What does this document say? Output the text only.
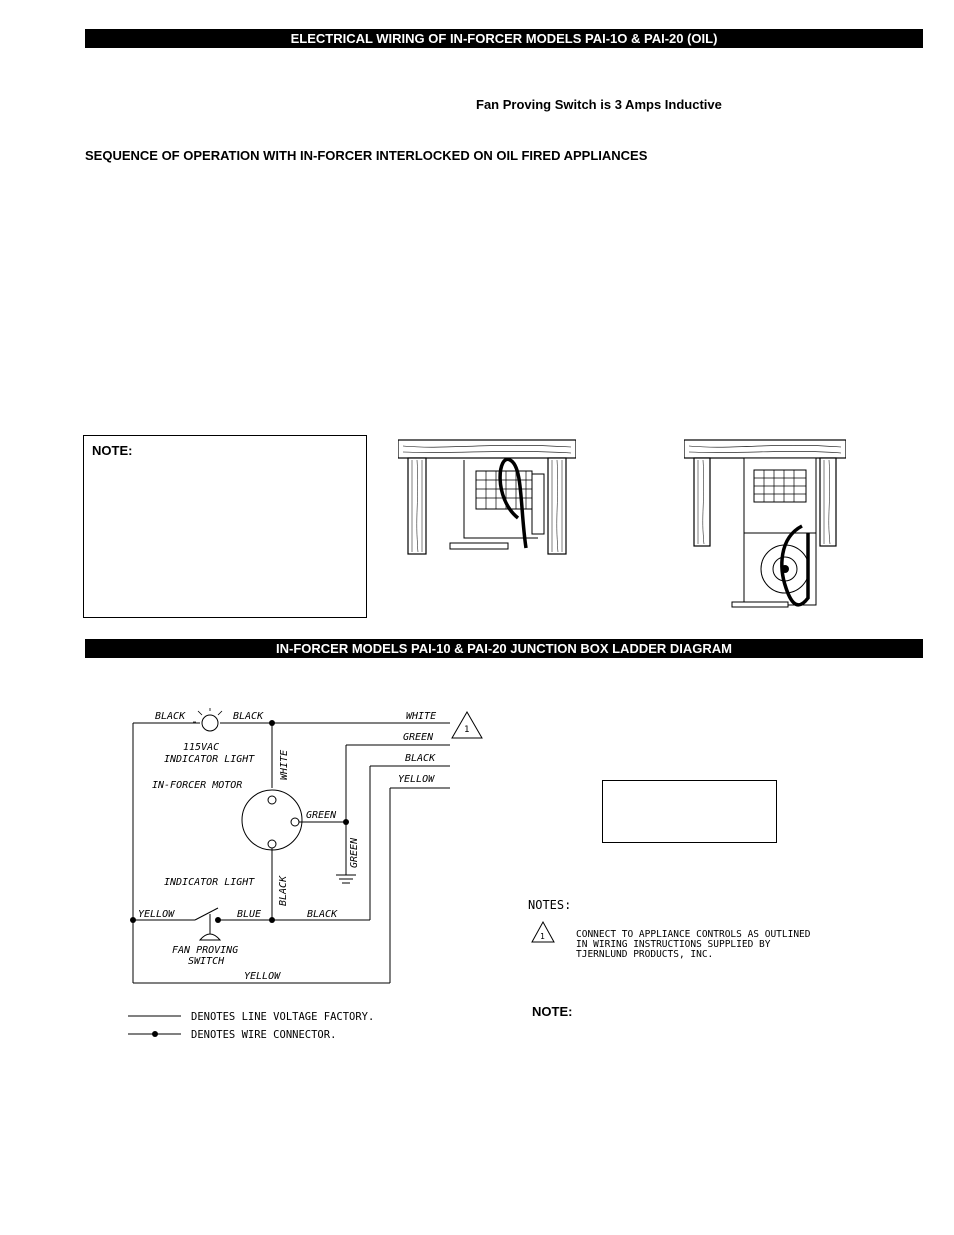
ELECTRICAL WIRING OF IN-FORCER MODELS PAI-1O & PAI-20 (OIL)
Fan Proving Switch is 3 Amps Inductive
SEQUENCE OF OPERATION WITH IN-FORCER INTERLOCKED ON OIL FIRED APPLIANCES
NOTE:
IN-FORCER MODELS PAI-10 & PAI-20 JUNCTION BOX LADDER DIAGRAM
BLACK	BLACK
115VAC
INDICATOR LIGHT
IN-FORCER MOTOR
WHITE
GREEN
GREEN
INDICATOR LIGHT BLACK
YELLOW	BLUE	BLACK
FAN PROVING
SWITCH
YELLOW
WHITE
GREEN
BLACK
YELLOW
1
DENOTES LINE VOLTAGE FACTORY.
DENOTES WIRE CONNECTOR.
NOTES:
1	CONNECT TO APPLIANCE CONTROLS AS OUTLINED
IN WIRING INSTRUCTIONS SUPPLIED BY
TJERNLUND PRODUCTS, INC.
NOTE:
